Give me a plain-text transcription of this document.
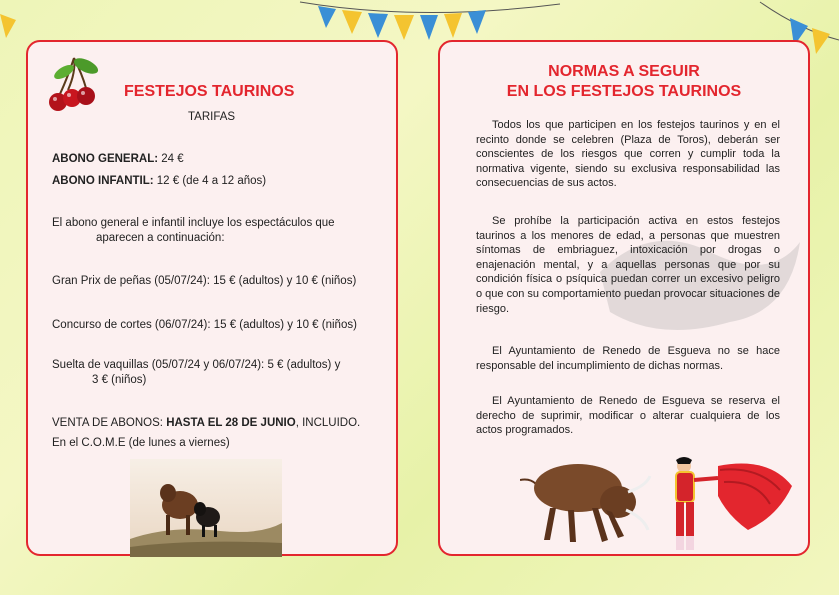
FESTEJOS TAURINOS
TARIFAS
ABONO GENERAL: 24 €
ABONO INFANTIL: 12 € (de 4 a 12 años)
El abono general e infantil incluye los espectáculos que
aparecen a continuación:
Gran Prix de peñas (05/07/24): 15 € (adultos) y 10 € (niños)
Concurso de cortes (06/07/24): 15 € (adultos) y 10 € (niños)
Suelta de vaquillas (05/07/24 y 06/07/24): 5 € (adultos) y
3 € (niños)
VENTA DE ABONOS: HASTA EL 28 DE JUNIO, INCLUIDO.
En el C.O.M.E (de lunes a viernes)
NORMAS A SEGUIR
EN LOS FESTEJOS TAURINOS
Todos los que participen en los festejos taurinos y en el recinto donde se celebren (Plaza de Toros), deberán ser conscientes de los riesgos que corren y cumplir toda la normativa vigente, siendo su exclusiva responsabilidad las consecuencias de sus actos.
Se prohíbe la participación activa en estos festejos taurinos a los menores de edad, a personas que muestren síntomas de embriaguez, intoxicación por drogas o enajenación mental, y a aquellas personas que por su condición física o psíquica puedan correr un excesivo peligro o que con su comportamiento puedan provocar situaciones de riesgo.
El Ayuntamiento de Renedo de Esgueva no se hace responsable del incumplimiento de dichas normas.
El Ayuntamiento de Renedo de Esgueva se reserva el derecho de suprimir, modificar o alterar cualquiera de los actos programados.
